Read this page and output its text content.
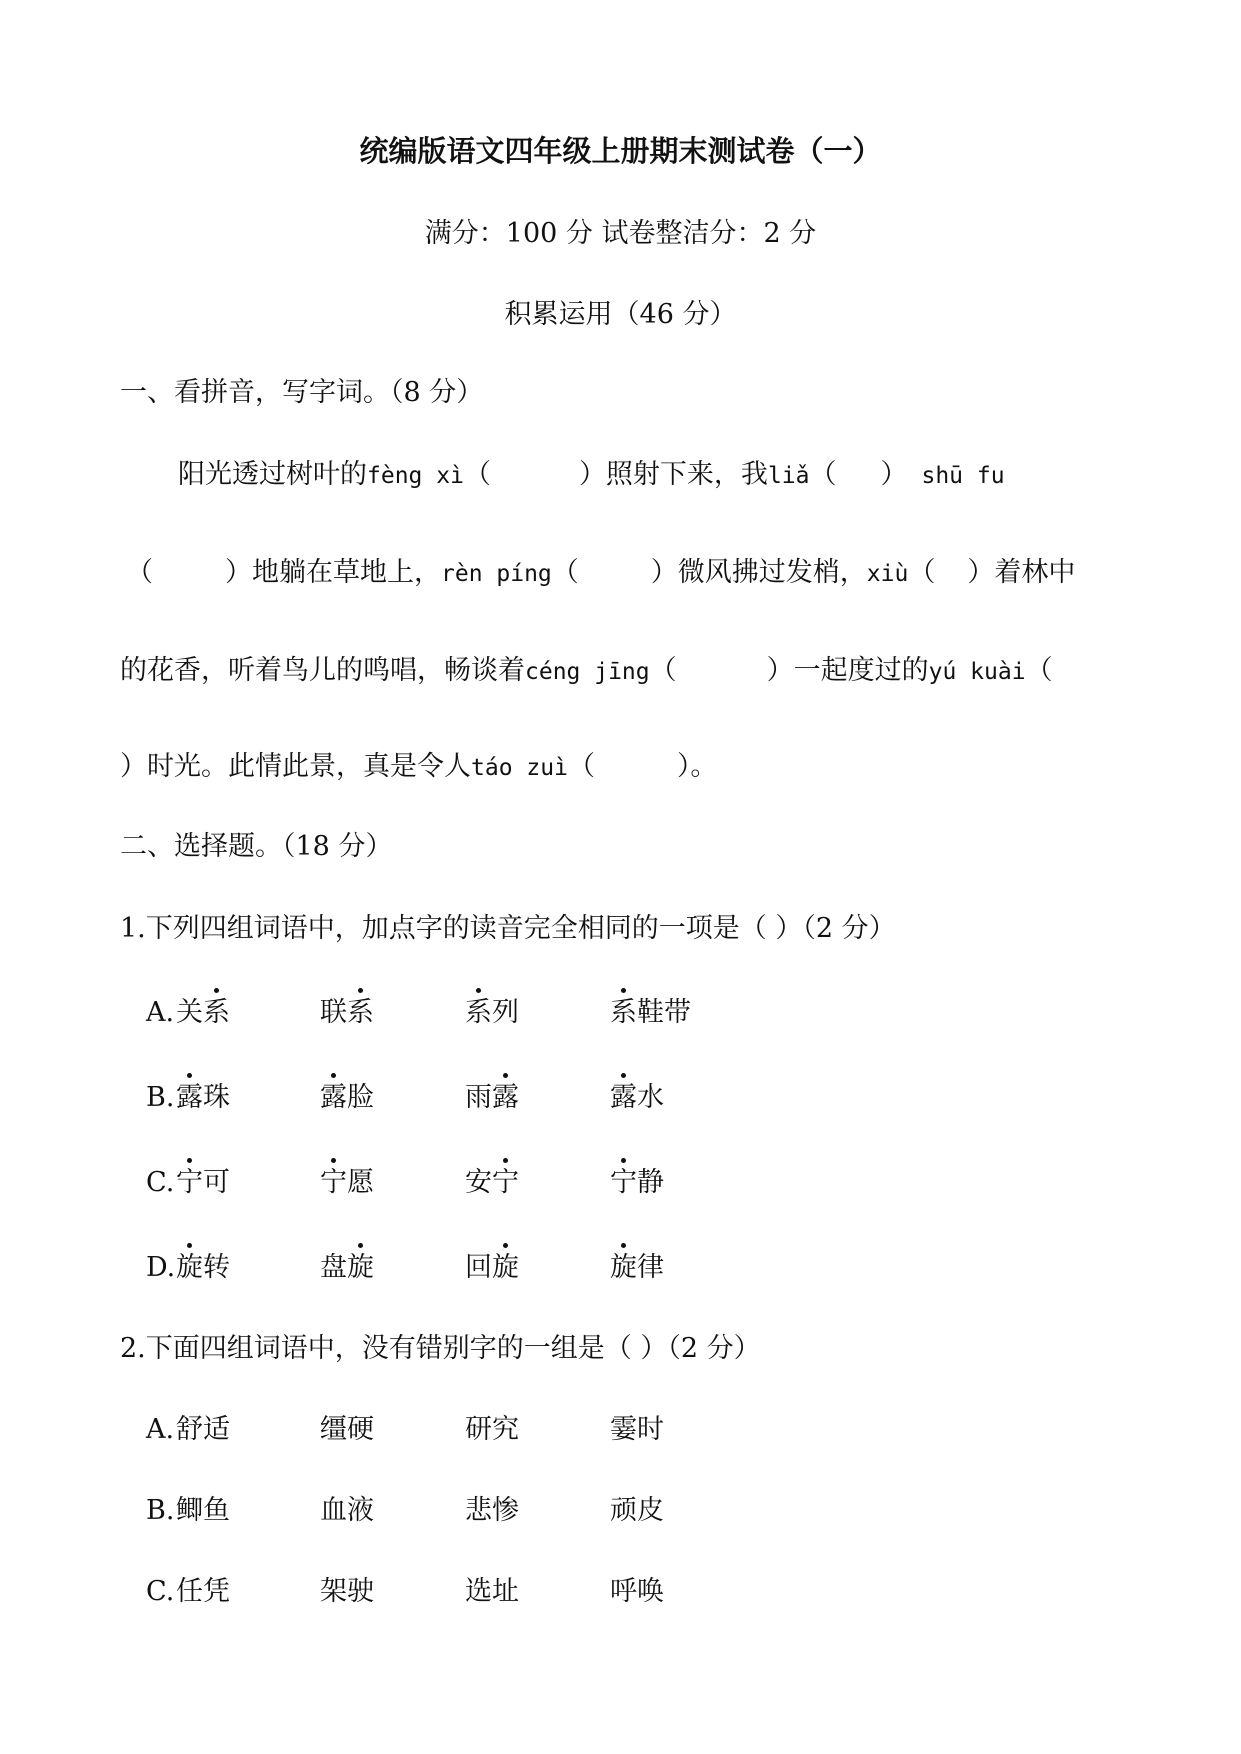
统编版语文四年级上册期末测试卷（一）
满分：100 分 试卷整洁分：2 分
积累运用（46 分）
一、看拼音，写字词。（8 分）
阳光透过树叶的fèng xì（	）照射下来，我liǎ（ ） shū fu
（	）地躺在草地上，rèn píng（	）微风拂过发梢，xiù（ ）着林中
的花香，听着鸟儿的鸣唱，畅谈着céng jīng（	）一起度过的yú kuài（
）时光。此情此景，真是令人táo zuì（	）。
二、选择题。（18 分）
1.下列四组词语中，加点字的读音完全相同的一项是（ ）（2 分）
A. 关系	联系	系列	系鞋带
B. 露珠	露脸	雨露	露水
C. 宁可	宁愿	安宁	宁静
D. 旋转	盘旋	回旋	旋律
2.下面四组词语中，没有错别字的一组是（ ）（2 分）
A. 舒适	缰硬	研究	霎时
B. 鲫鱼	血液	悲惨	顽皮
C. 任凭	架驶	选址	呼唤
